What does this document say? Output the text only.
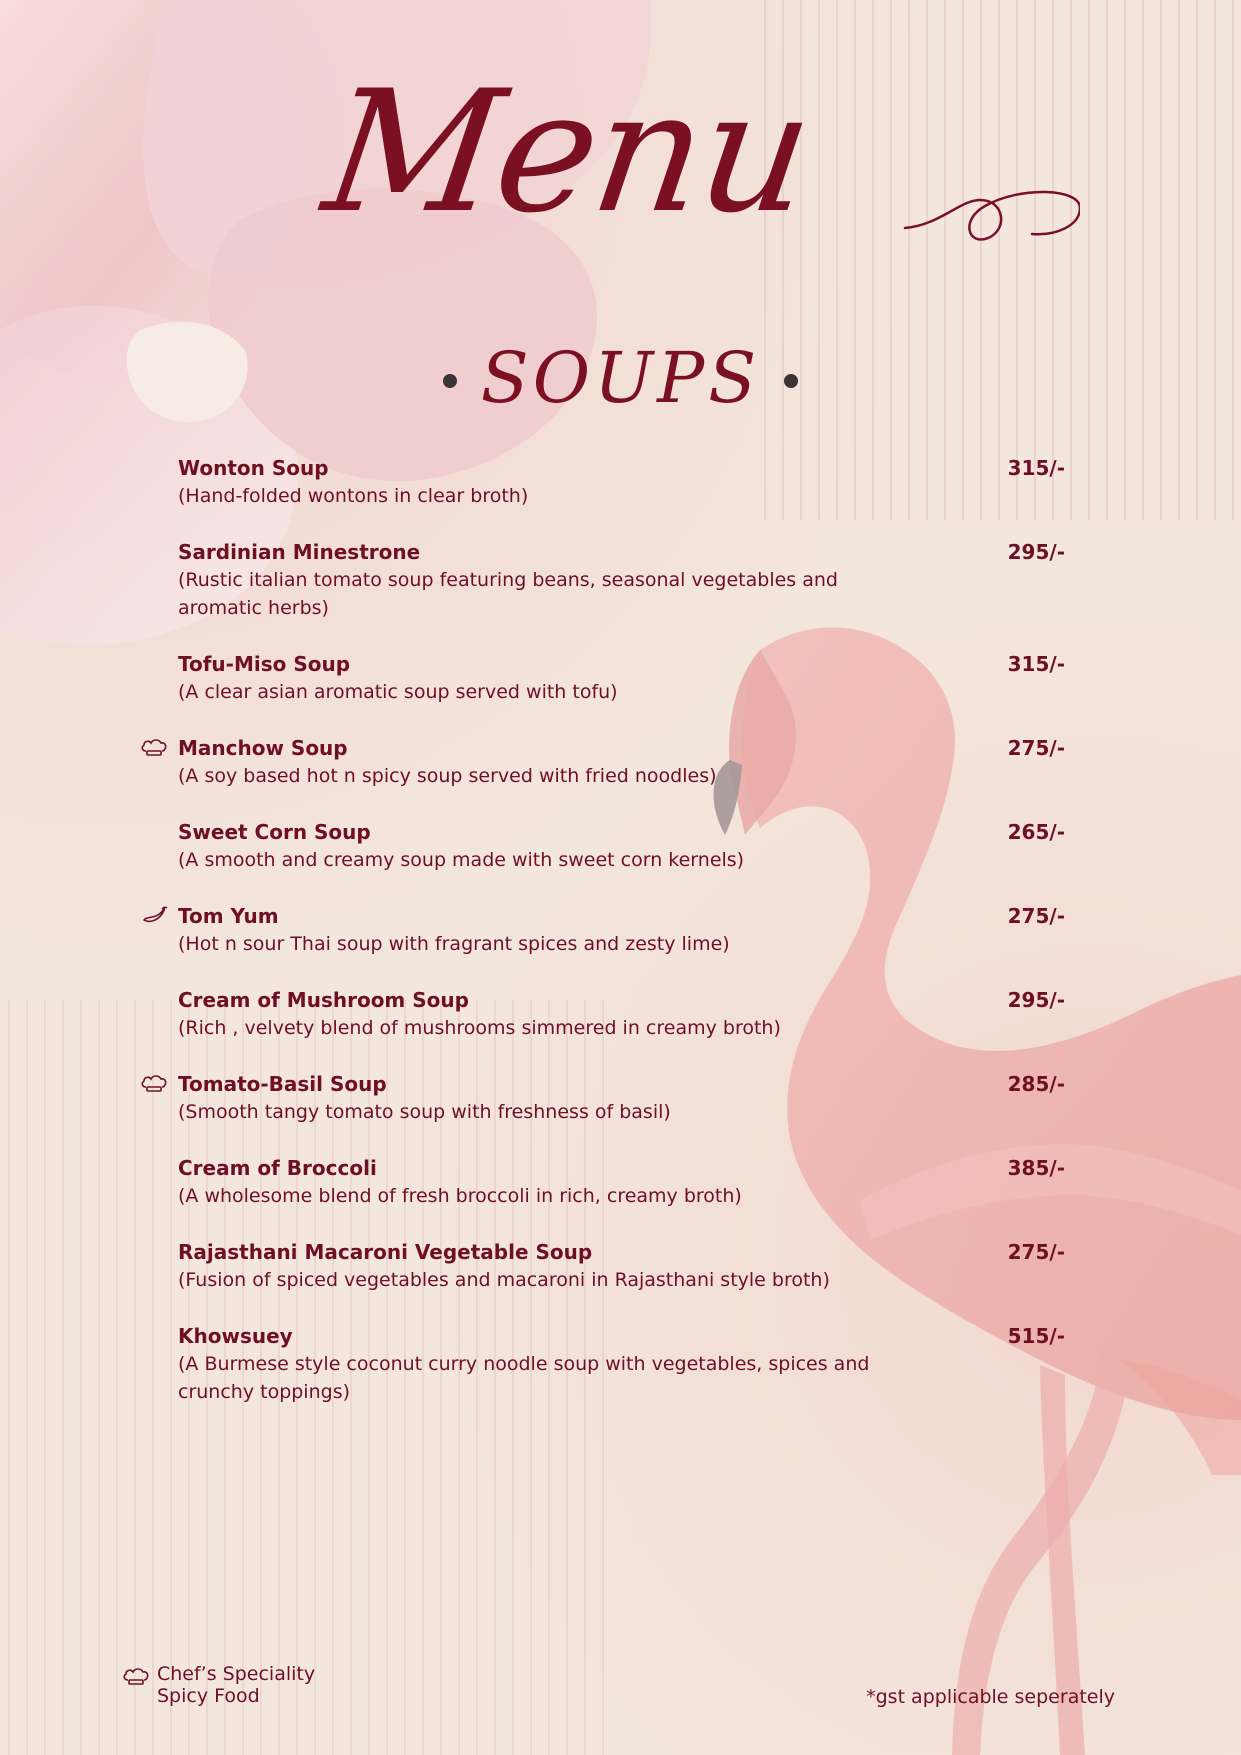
Menu
SOUPS
Wonton Soup	315/-
(Hand-folded wontons in clear broth)
Sardinian Minestrone	295/-
(Rustic italian tomato soup featuring beans, seasonal vegetables and aromatic herbs)
Tofu-Miso Soup	315/-
(A clear asian aromatic soup served with tofu)
Manchow Soup	275/-
(A soy based hot n spicy soup served with fried noodles)
Sweet Corn Soup	265/-
(A smooth and creamy soup made with sweet corn kernels)
Tom Yum	275/-
(Hot n sour Thai soup with fragrant spices and zesty lime)
Cream of Mushroom Soup	295/-
(Rich , velvety blend of mushrooms simmered in creamy broth)
Tomato-Basil Soup	285/-
(Smooth tangy tomato soup with freshness of basil)
Cream of Broccoli	385/-
(A wholesome blend of fresh broccoli in rich, creamy broth)
Rajasthani Macaroni Vegetable Soup	275/-
(Fusion of spiced vegetables and macaroni in Rajasthani style broth)
Khowsuey	515/-
(A Burmese style coconut curry noodle soup with vegetables, spices and crunchy toppings)
Chef’s Speciality
Spicy Food	*gst applicable seperately
